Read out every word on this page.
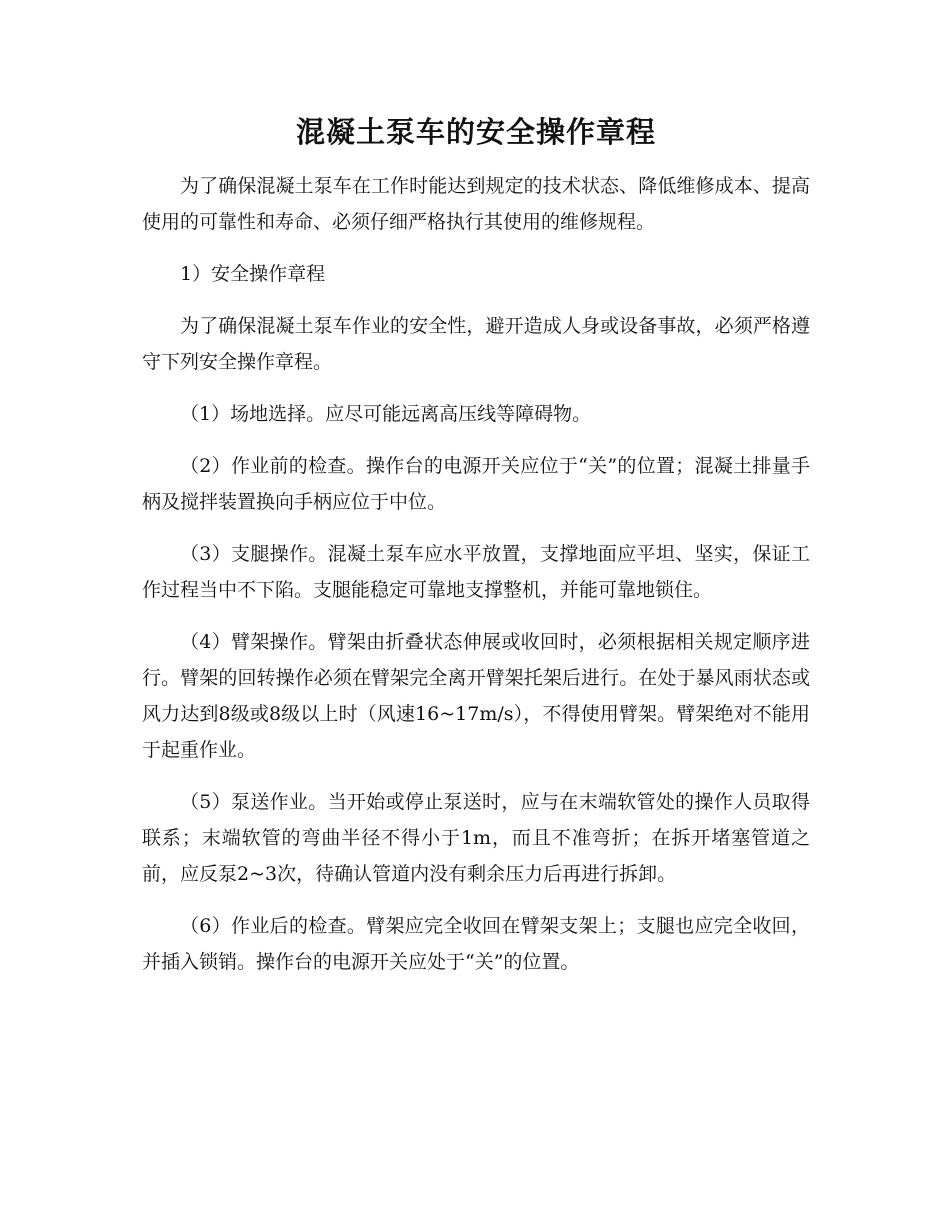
混凝土泵车的安全操作章程

为了确保混凝土泵车在工作时能达到规定的技术状态、降低维修成本、提高使用的可靠性和寿命、必须仔细严格执行其使用的维修规程。

1）安全操作章程

为了确保混凝土泵车作业的安全性，避开造成人身或设备事故，必须严格遵守下列安全操作章程。

（1）场地选择。应尽可能远离高压线等障碍物。

（2）作业前的检查。操作台的电源开关应位于“关”的位置；混凝土排量手柄及搅拌装置换向手柄应位于中位。

（3）支腿操作。混凝土泵车应水平放置，支撑地面应平坦、坚实，保证工作过程当中不下陷。支腿能稳定可靠地支撑整机，并能可靠地锁住。

（4）臂架操作。臂架由折叠状态伸展或收回时，必须根据相关规定顺序进行。臂架的回转操作必须在臂架完全离开臂架托架后进行。在处于暴风雨状态或风力达到8级或8级以上时（风速16~17m/s），不得使用臂架。臂架绝对不能用于起重作业。

（5）泵送作业。当开始或停止泵送时，应与在末端软管处的操作人员取得联系；末端软管的弯曲半径不得小于1m，而且不准弯折；在拆开堵塞管道之前，应反泵2~3次，待确认管道内没有剩余压力后再进行拆卸。

（6）作业后的检查。臂架应完全收回在臂架支架上；支腿也应完全收回，并插入锁销。操作台的电源开关应处于“关”的位置。
